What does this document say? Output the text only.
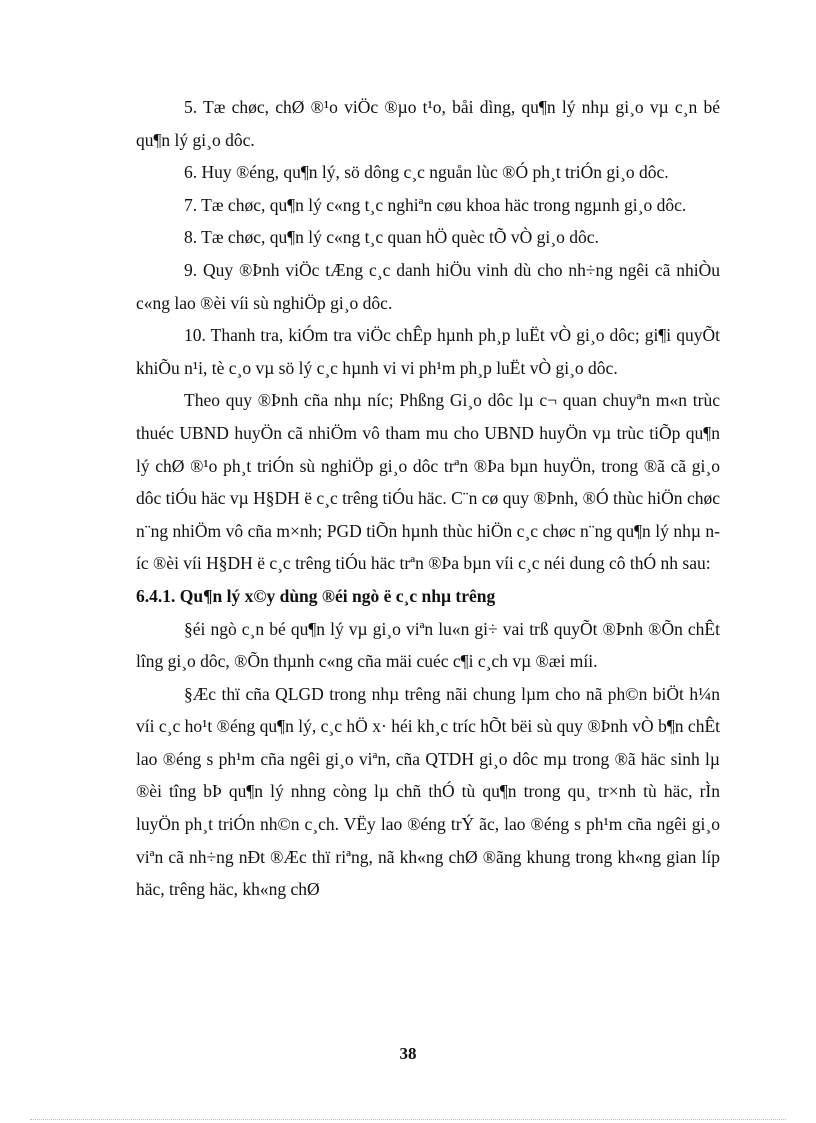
5. Tæ chøc, chØ ®¹o viÖc ®µo t¹o, båi dìng, qu¶n lý nhµ gi¸o vµ c¸n bé qu¶n lý gi¸o dôc.

6. Huy ®éng, qu¶n lý, sö dông c¸c nguån lùc ®Ó ph¸t triÓn gi¸o dôc.

7. Tæ chøc, qu¶n lý c«ng t¸c nghiªn cøu khoa häc trong ngµnh gi¸o dôc.

8. Tæ chøc, qu¶n lý c«ng t¸c quan hÖ quèc tÕ vÒ gi¸o dôc.

9. Quy ®Þnh viÖc tÆng c¸c danh hiÖu vinh dù cho nh÷ng ngêi cã nhiÒu c«ng lao ®èi víi sù nghiÖp gi¸o dôc.

10. Thanh tra, kiÓm tra viÖc chÊp hµnh ph¸p luËt vÒ gi¸o dôc; gi¶i quyÕt khiÕu n¹i, tè c¸o vµ sö lý c¸c hµnh vi vi ph¹m ph¸p luËt vÒ gi¸o dôc.

Theo quy ®Þnh cña nhµ níc; Phßng Gi¸o dôc lµ c¬ quan chuyªn m«n trùc thuéc UBND huyÖn cã nhiÖm vô tham mu cho UBND huyÖn vµ trùc tiÕp qu¶n lý chØ ®¹o ph¸t triÓn sù nghiÖp gi¸o dôc trªn ®Þa bµn huyÖn, trong ®ã cã gi¸o dôc tiÓu häc vµ H§DH ë c¸c trêng tiÓu häc. C¨n cø quy ®Þnh, ®Ó thùc hiÖn chøc n¨ng nhiÖm vô cña m×nh; PGD tiÕn hµnh thùc hiÖn c¸c chøc n¨ng qu¶n lý nhµ níc ®èi víi H§DH ë c¸c trêng tiÓu häc trªn ®Þa bµn víi c¸c néi dung cô thÓ nh sau:

6.4.1. Qu¶n lý x©y dùng ®éi ngò ë c¸c nhµ trêng

§éi ngò c¸n bé qu¶n lý vµ gi¸o viªn lu«n gi÷ vai trß quyÕt ®Þnh ®Õn chÊt lîng gi¸o dôc, ®Õn thµnh c«ng cña mäi cuéc c¶i c¸ch vµ ®æi míi.

§Æc thï cña QLGD trong nhµ trêng nãi chung lµm cho nã ph©n biÖt h¼n víi c¸c ho¹t ®éng qu¶n lý, c¸c hÖ x· héi kh¸c tríc hÕt bëi sù quy ®Þnh vÒ b¶n chÊt lao ®éng s ph¹m cña ngêi gi¸o viªn, cña QTDH gi¸o dôc mµ trong ®ã häc sinh lµ ®èi tîng bÞ qu¶n lý nhng còng lµ chñ thÓ tù qu¶n trong qu¸ tr×nh tù häc, rÌn luyÖn ph¸t triÓn nh©n c¸ch. VËy lao ®éng trÝ ãc, lao ®éng s ph¹m cña ngêi gi¸o viªn cã nh÷ng nÐt ®Æc thï riªng, nã kh«ng chØ ®ãng khung trong kh«ng gian líp häc, trêng häc, kh«ng chØ

38
